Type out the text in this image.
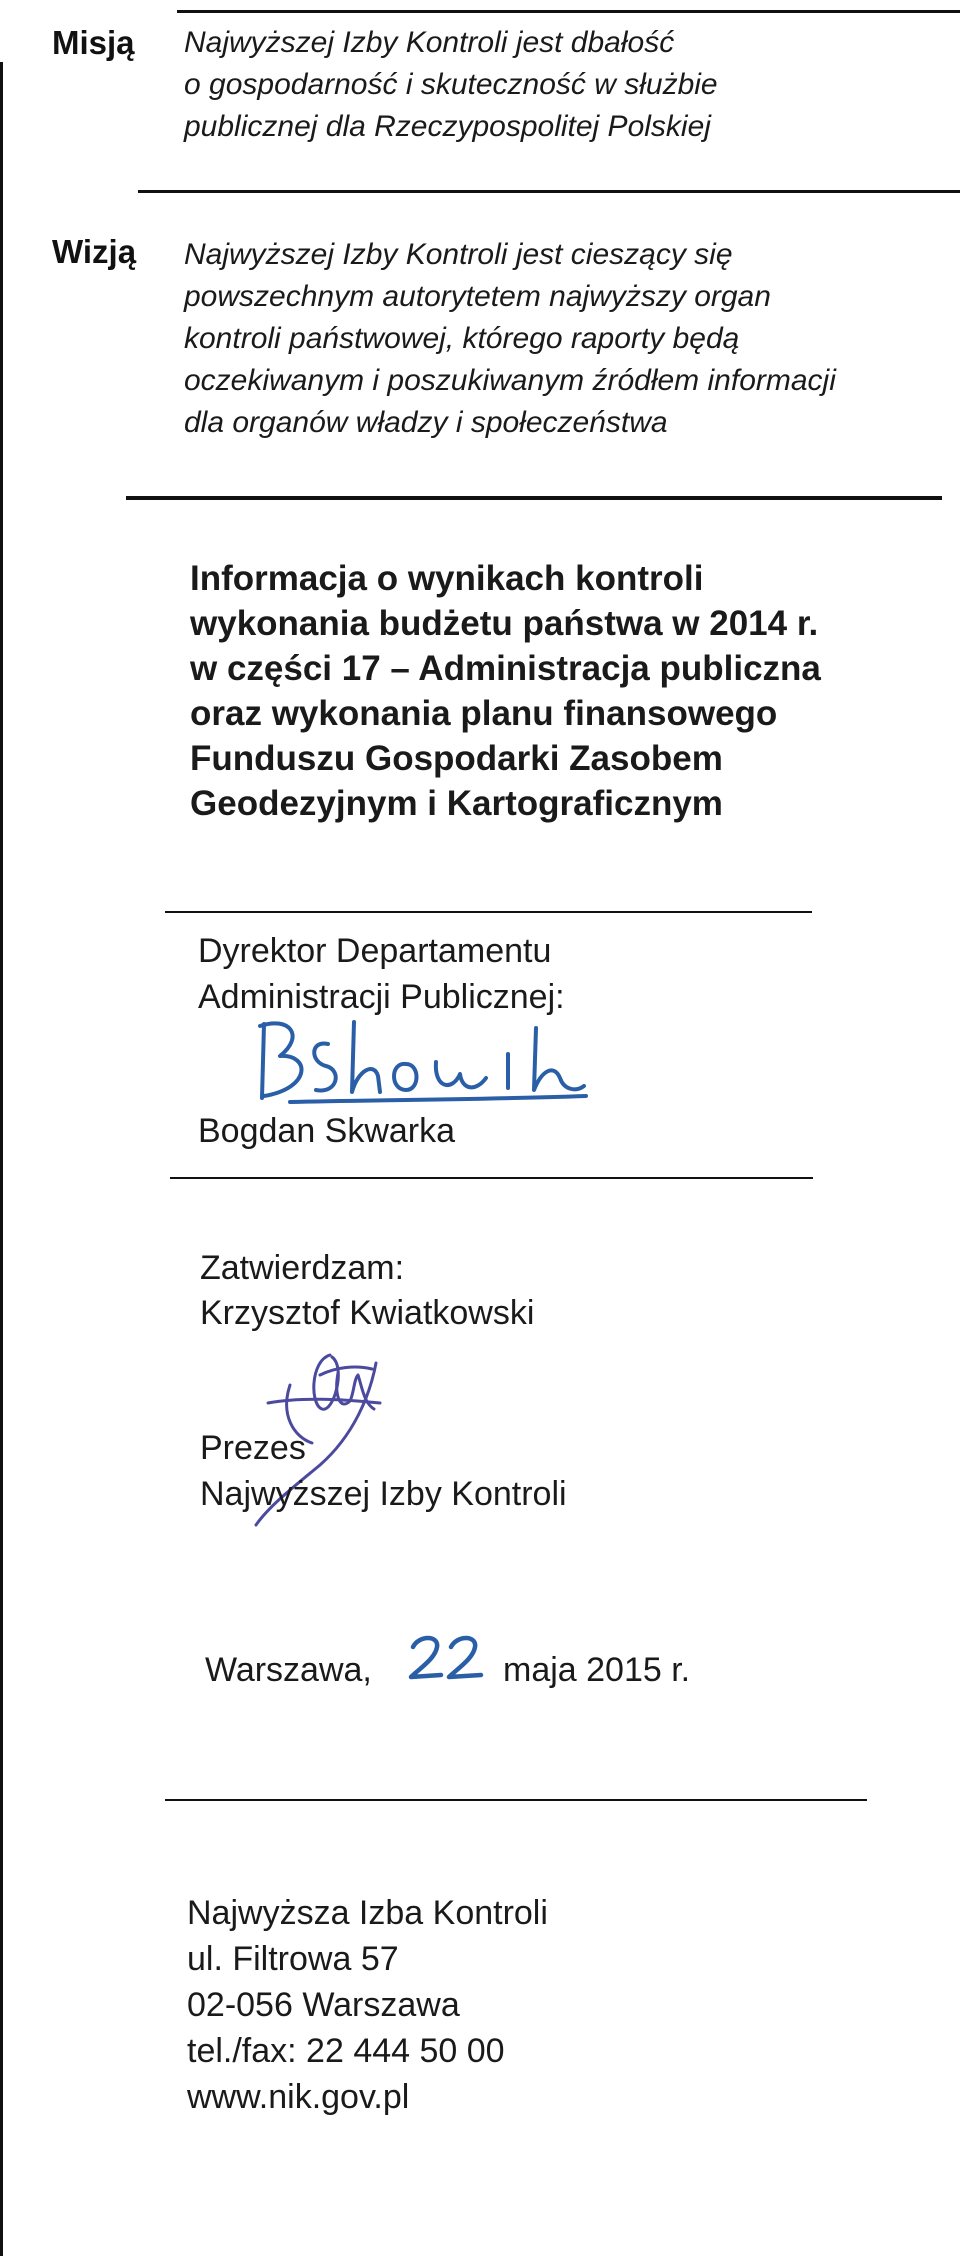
Misją Najwyższej Izby Kontroli jest dbałość
o gospodarność i skuteczność w służbie
publicznej dla Rzeczypospolitej Polskiej
Wizją Najwyższej Izby Kontroli jest cieszący się
powszechnym autorytetem najwyższy organ
kontroli państwowej, którego raporty będą
oczekiwanym i poszukiwanym źródłem informacji
dla organów władzy i społeczeństwa
Informacja o wynikach kontroli
wykonania budżetu państwa w 2014 r.
w części 17 – Administracja publiczna
oraz wykonania planu finansowego
Funduszu Gospodarki Zasobem
Geodezyjnym i Kartograficznym
Dyrektor Departamentu
Administracji Publicznej:
BSkwarka
Bogdan Skwarka
Zatwierdzam:
Krzysztof Kwiatkowski
Prezes
Najwyższej Izby Kontroli
Warszawa,
22
maja 2015 r.
Najwyższa Izba Kontroli
ul. Filtrowa 57
02-056 Warszawa
tel./fax: 22 444 50 00
www.nik.gov.pl
